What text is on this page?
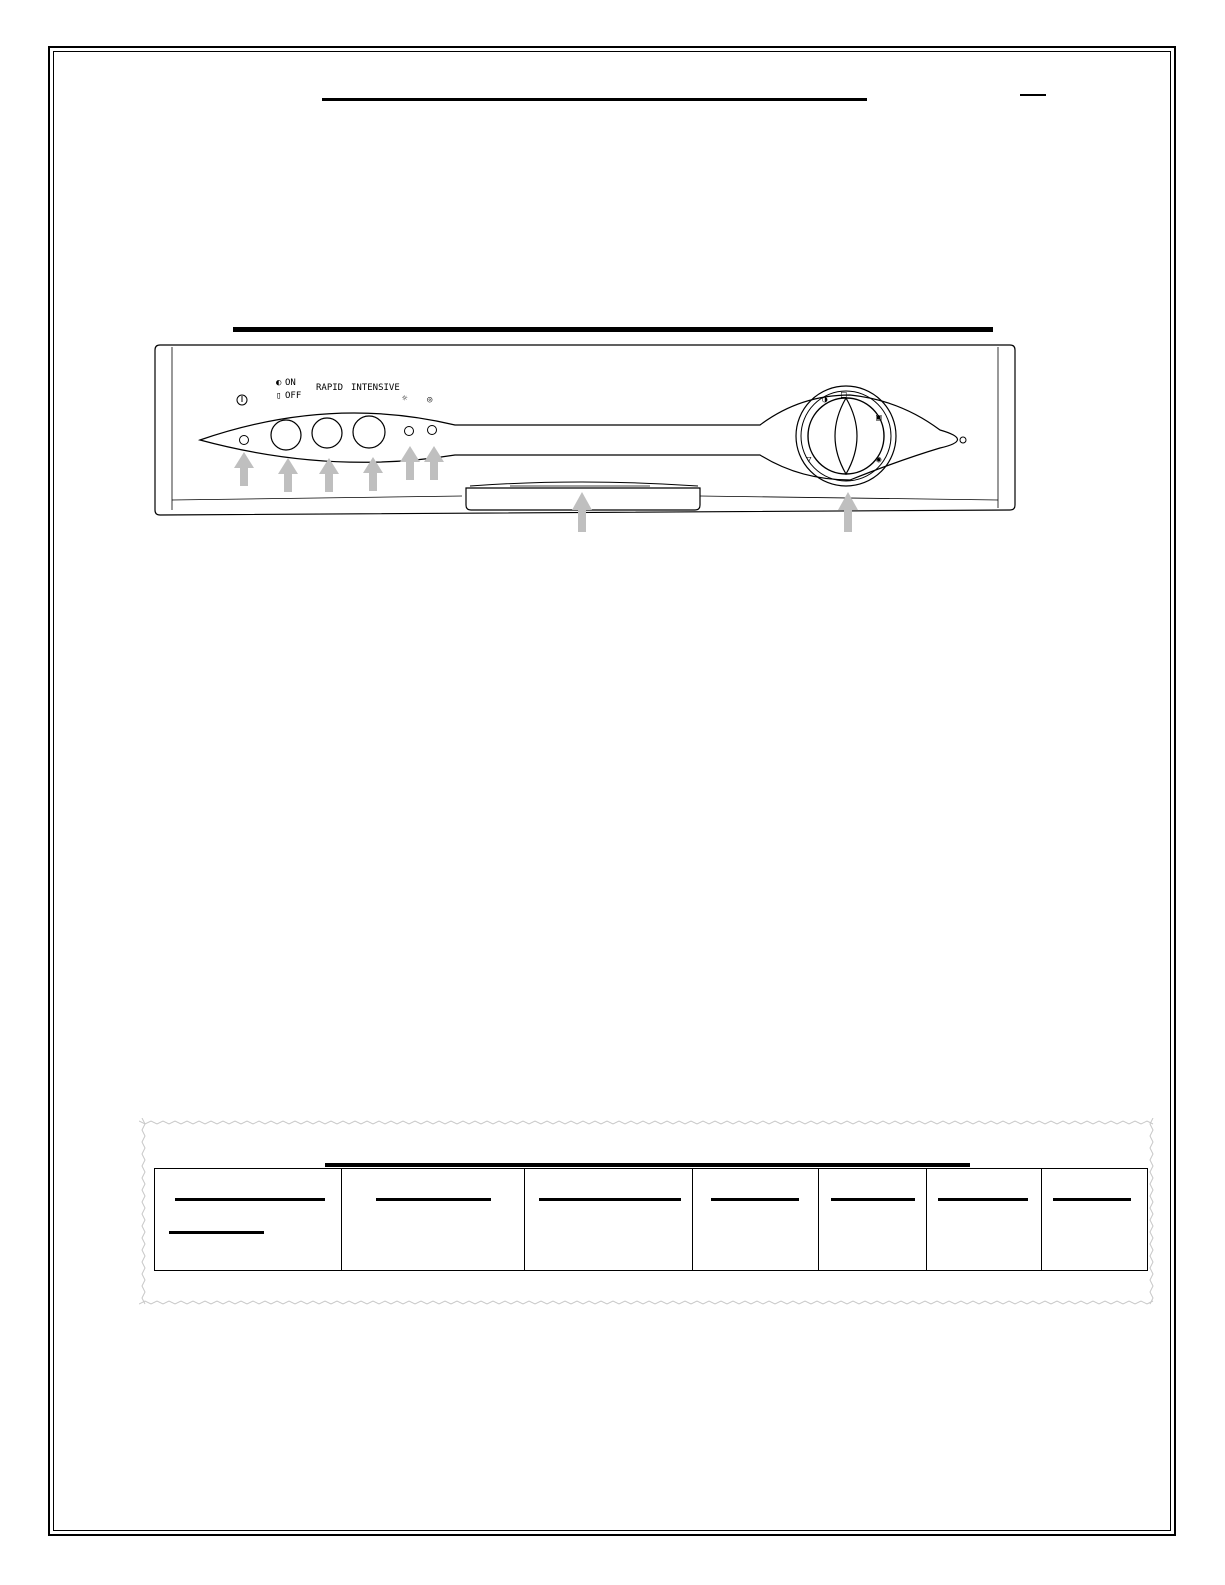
◐ ON
▯ OFF
RAPID INTENSIVE
☼ ◎	◑ □
▣
◉
▽
